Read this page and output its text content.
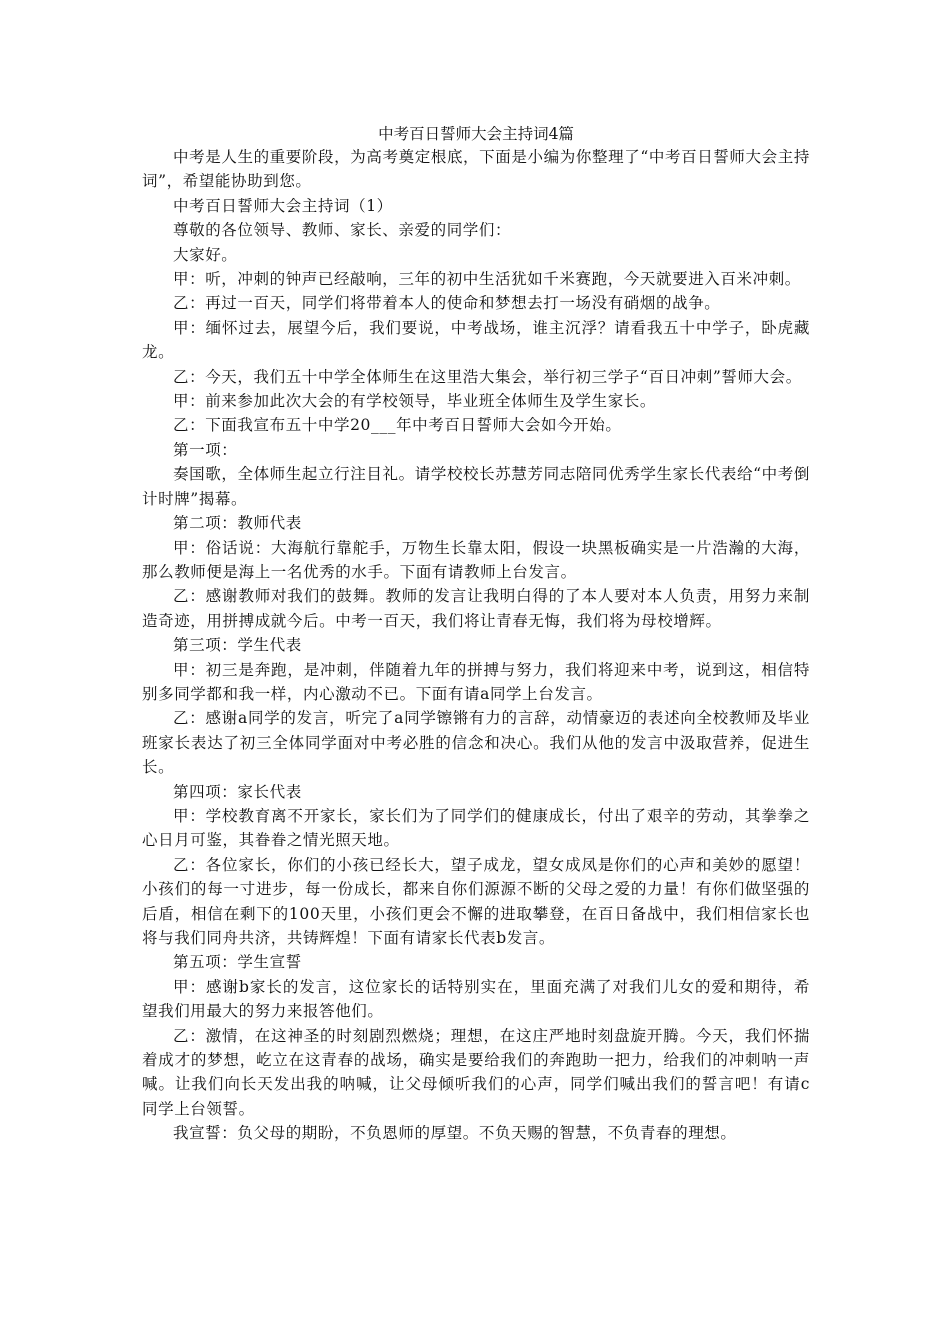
中考百日誓师大会主持词4篇

中考是人生的重要阶段，为高考奠定根底，下面是小编为你整理了“中考百日誓师大会主持词”，希望能协助到您。

中考百日誓师大会主持词（1）

尊敬的各位领导、教师、家长、亲爱的同学们：

大家好。

甲：听，冲刺的钟声已经敲响，三年的初中生活犹如千米赛跑，今天就要进入百米冲刺。

乙：再过一百天，同学们将带着本人的使命和梦想去打一场没有硝烟的战争。

甲：缅怀过去，展望今后，我们要说，中考战场，谁主沉浮？请看我五十中学子，卧虎藏龙。

乙：今天，我们五十中学全体师生在这里浩大集会，举行初三学子“百日冲刺”誓师大会。

甲：前来参加此次大会的有学校领导，毕业班全体师生及学生家长。

乙：下面我宣布五十中学20___年中考百日誓师大会如今开始。

第一项：

奏国歌，全体师生起立行注目礼。请学校校长苏慧芳同志陪同优秀学生家长代表给“中考倒计时牌”揭幕。

第二项：教师代表

甲：俗话说：大海航行靠舵手，万物生长靠太阳，假设一块黑板确实是一片浩瀚的大海，那么教师便是海上一名优秀的水手。下面有请教师上台发言。

乙：感谢教师对我们的鼓舞。教师的发言让我明白得的了本人要对本人负责，用努力来制造奇迹，用拼搏成就今后。中考一百天，我们将让青春无悔，我们将为母校增辉。

第三项：学生代表

甲：初三是奔跑，是冲刺，伴随着九年的拼搏与努力，我们将迎来中考，说到这，相信特别多同学都和我一样，内心激动不已。下面有请a同学上台发言。

乙：感谢a同学的发言，听完了a同学镲锵有力的言辞，动情豪迈的表述向全校教师及毕业班家长表达了初三全体同学面对中考必胜的信念和决心。我们从他的发言中汲取营养，促进生长。

第四项：家长代表

甲：学校教育离不开家长，家长们为了同学们的健康成长，付出了艰辛的劳动，其拳拳之心日月可鉴，其眷眷之情光照天地。

乙：各位家长，你们的小孩已经长大，望子成龙，望女成凤是你们的心声和美妙的愿望！小孩们的每一寸进步，每一份成长，都来自你们源源不断的父母之爱的力量！有你们做坚强的后盾，相信在剩下的100天里，小孩们更会不懈的进取攀登，在百日备战中，我们相信家长也将与我们同舟共济，共铸辉煌！下面有请家长代表b发言。

第五项：学生宣誓

甲：感谢b家长的发言，这位家长的话特别实在，里面充满了对我们儿女的爱和期待，希望我们用最大的努力来报答他们。

乙：激情，在这神圣的时刻剧烈燃烧；理想，在这庄严地时刻盘旋开腾。今天，我们怀揣着成才的梦想，屹立在这青春的战场，确实是要给我们的奔跑助一把力，给我们的冲刺呐一声喊。让我们向长天发出我的呐喊，让父母倾听我们的心声，同学们喊出我们的誓言吧！有请c同学上台领誓。

我宣誓：负父母的期盼，不负恩师的厚望。不负天赐的智慧，不负青春的理想。
